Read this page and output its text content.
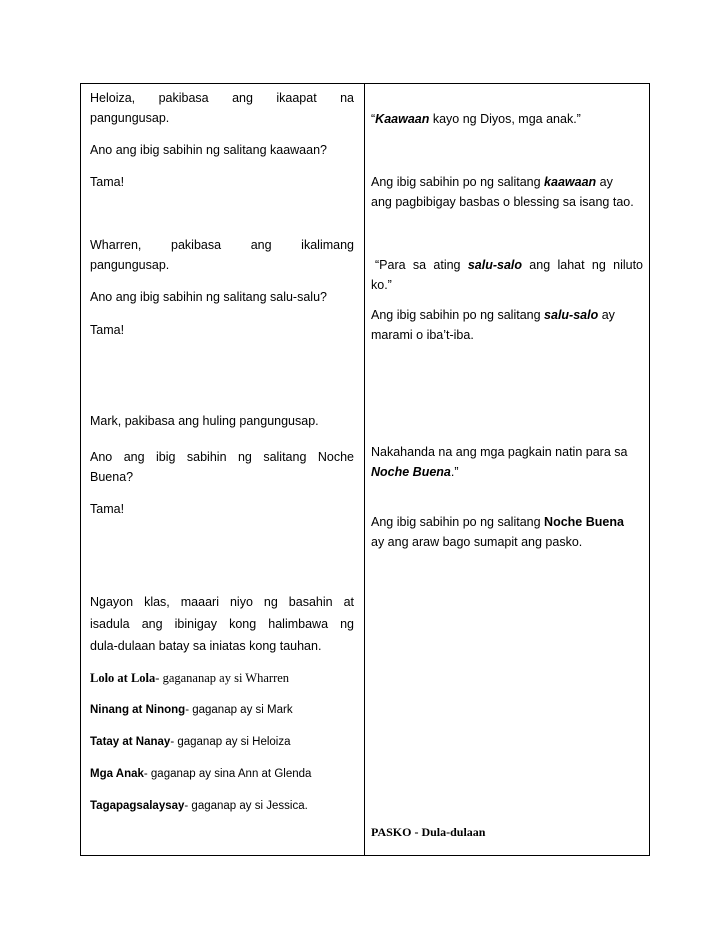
Heloiza, pakibasa ang ikaapat na

pangungusap.

Ano ang ibig sabihin ng salitang kaawaan?

Tama!

Wharren, pakibasa ang ikalimang

pangungusap.

Ano ang ibig sabihin ng salitang salu-salu?

Tama!

Mark, pakibasa ang huling pangungusap.

Ano ang ibig sabihin ng salitang Noche

Buena?

Tama!

Ngayon klas, maaari niyo ng basahin at

isadula ang ibinigay kong halimbawa ng

dula-dulaan batay sa iniatas kong tauhan.

Lolo at Lola- gagananap ay si Wharren

Ninang at Ninong- gaganap ay si Mark

Tatay at Nanay- gaganap ay si Heloiza

Mga Anak- gaganap ay sina Ann at Glenda

Tagapagsalaysay- gaganap ay si Jessica.

“Kaawaan kayo ng Diyos, mga anak.”

Ang ibig sabihin po ng salitang kaawaan ay

ang pagbibigay basbas o blessing sa isang tao.

“Para sa ating salu-salo ang lahat ng niluto

ko.”

Ang ibig sabihin po ng salitang salu-salo ay

marami o iba’t-iba.

Nakahanda na ang mga pagkain natin para sa

Noche Buena.”

Ang ibig sabihin po ng salitang Noche Buena

ay ang araw bago sumapit ang pasko.

PASKO - Dula-dulaan
